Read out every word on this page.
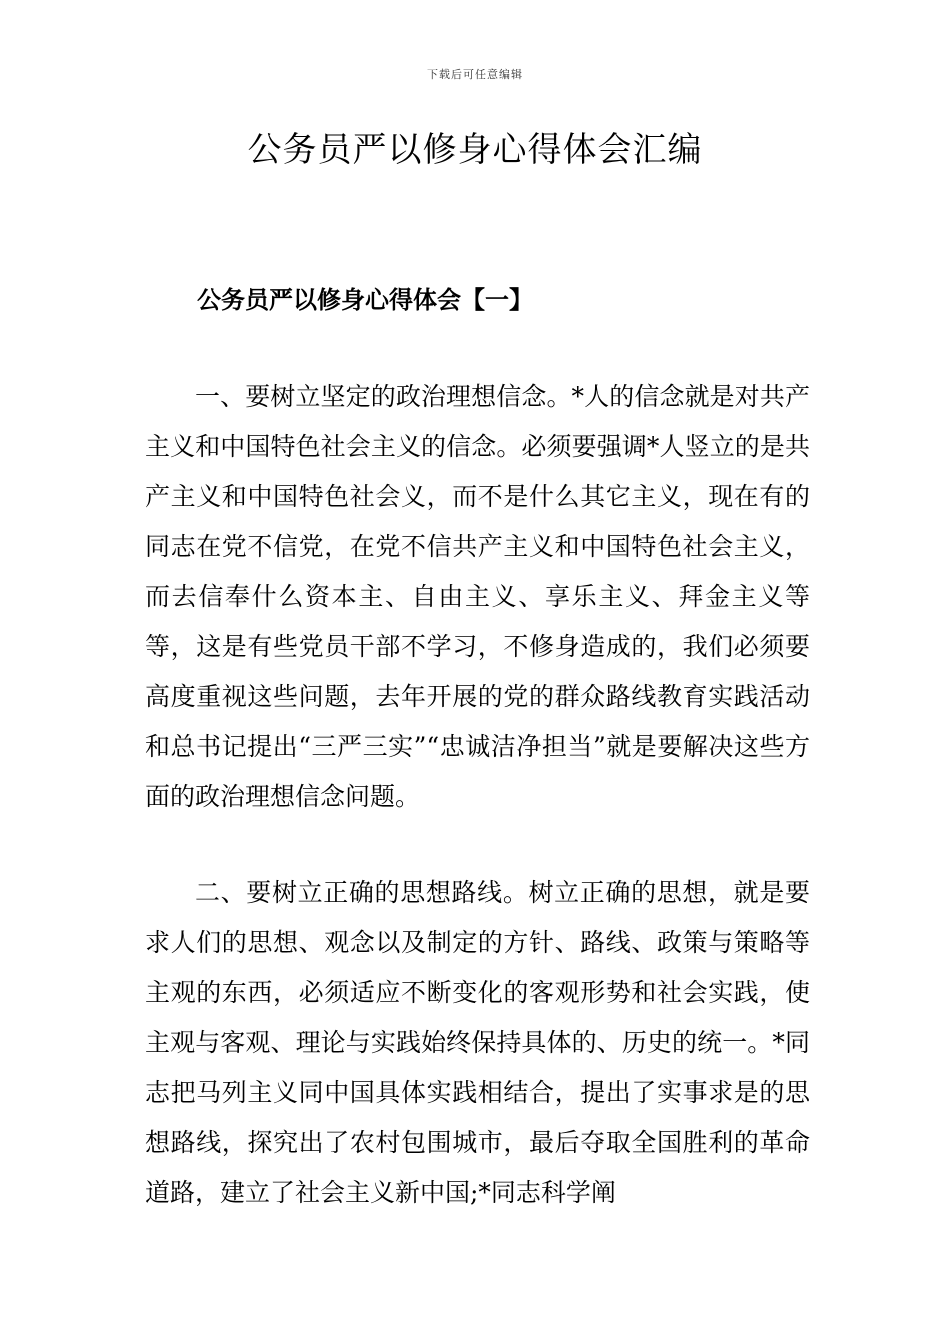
下载后可任意编辑
公务员严以修身心得体会汇编
公务员严以修身心得体会【一】

一、要树立坚定的政治理想信念。*人的信念就是对共产主义和中国特色社会主义的信念。必须要强调*人竖立的是共产主义和中国特色社会义，而不是什么其它主义，现在有的同志在党不信党，在党不信共产主义和中国特色社会主义，而去信奉什么资本主、自由主义、享乐主义、拜金主义等等，这是有些党员干部不学习，不修身造成的，我们必须要高度重视这些问题，去年开展的党的群众路线教育实践活动和总书记提出“三严三实”“忠诚洁净担当”就是要解决这些方面的政治理想信念问题。

二、要树立正确的思想路线。树立正确的思想，就是要求人们的思想、观念以及制定的方针、路线、政策与策略等主观的东西，必须适应不断变化的客观形势和社会实践，使主观与客观、理论与实践始终保持具体的、历史的统一。*同志把马列主义同中国具体实践相结合，提出了实事求是的思想路线，探究出了农村包围城市，最后夺取全国胜利的革命道路，建立了社会主义新中国;*同志科学阐
